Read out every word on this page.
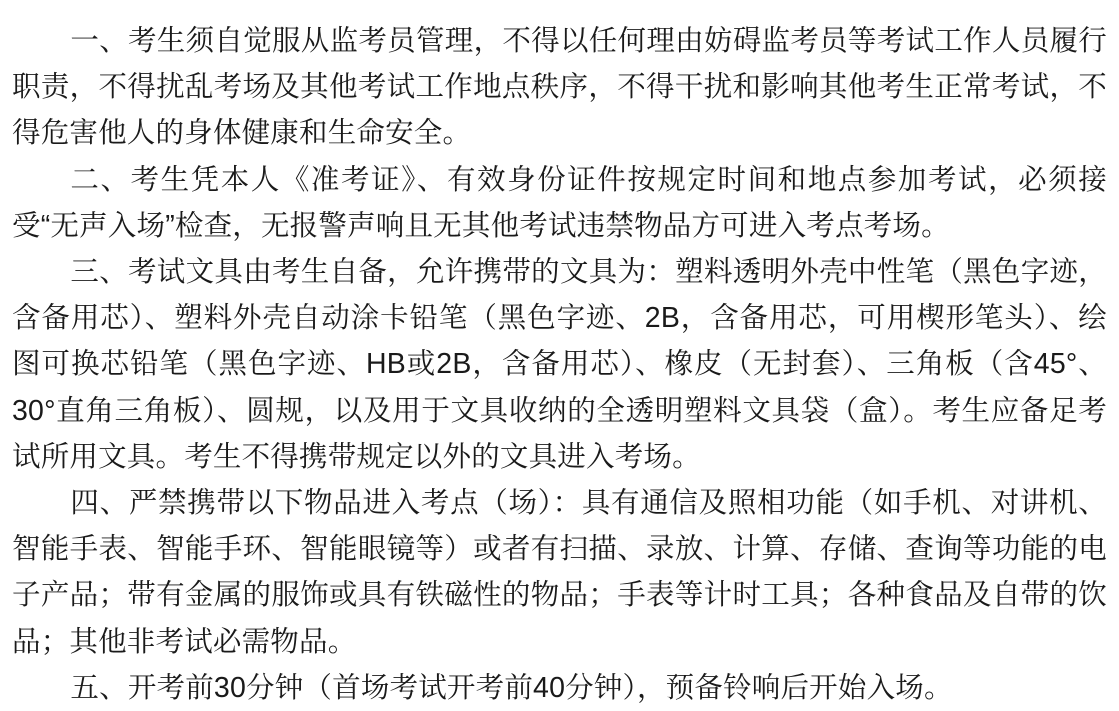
一、考生须自觉服从监考员管理，不得以任何理由妨碍监考员等考试工作人员履行职责，不得扰乱考场及其他考试工作地点秩序，不得干扰和影响其他考生正常考试，不得危害他人的身体健康和生命安全。

二、考生凭本人《准考证》、有效身份证件按规定时间和地点参加考试，必须接受“无声入场”检查，无报警声响且无其他考试违禁物品方可进入考点考场。

三、考试文具由考生自备，允许携带的文具为：塑料透明外壳中性笔（黑色字迹，含备用芯）、塑料外壳自动涂卡铅笔（黑色字迹、2B，含备用芯，可用楔形笔头）、绘图可换芯铅笔（黑色字迹、HB或2B，含备用芯）、橡皮（无封套）、三角板（含45°、30°直角三角板）、圆规，以及用于文具收纳的全透明塑料文具袋（盒）。考生应备足考试所用文具。考生不得携带规定以外的文具进入考场。

四、严禁携带以下物品进入考点（场）：具有通信及照相功能（如手机、对讲机、智能手表、智能手环、智能眼镜等）或者有扫描、录放、计算、存储、查询等功能的电子产品；带有金属的服饰或具有铁磁性的物品；手表等计时工具；各种食品及自带的饮品；其他非考试必需物品。

五、开考前30分钟（首场考试开考前40分钟），预备铃响后开始入场。
